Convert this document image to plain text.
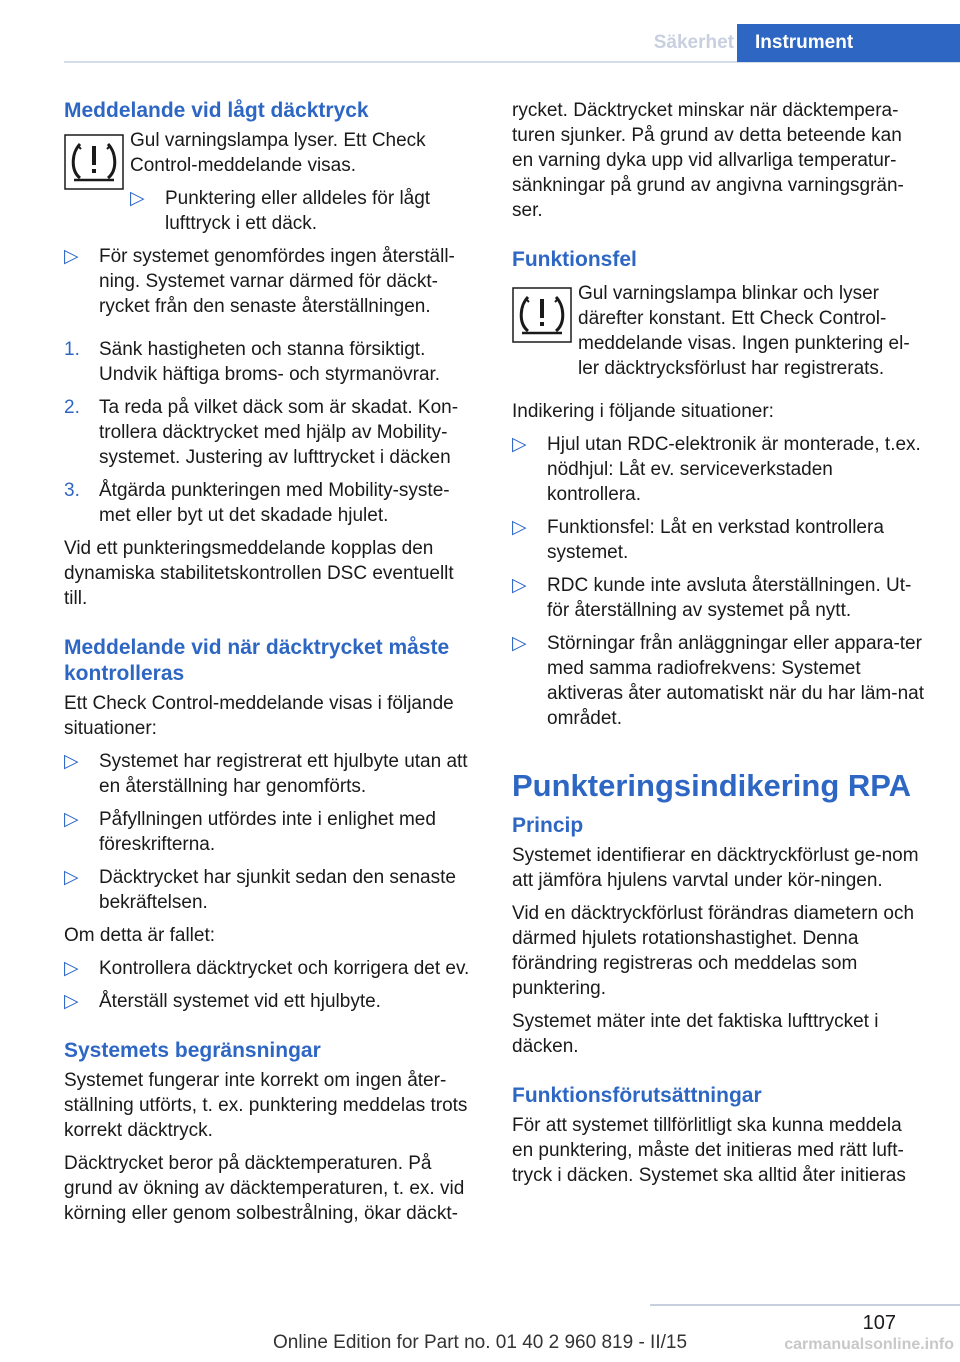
Säkerhet	Instrument
Meddelande vid lågt däcktryck

Gul varningslampa lyser. Ett Check Control-meddelande visas.

▷ Punktering eller alldeles för lågt lufttryck i ett däck.
▷ För systemet genomfördes ingen återställ-ning. Systemet varnar därmed för däckt-rycket från den senaste återställningen.
1. Sänk hastigheten och stanna försiktigt. Undvik häftiga broms- och styrmanövrar.
2. Ta reda på vilket däck som är skadat. Kon-trollera däcktrycket med hjälp av Mobility-systemet. Justering av lufttrycket i däcken
3. Åtgärda punkteringen med Mobility-syste-met eller byt ut det skadade hjulet.

Vid ett punkteringsmeddelande kopplas den dynamiska stabilitetskontrollen DSC eventuellt till.

Meddelande vid när däcktrycket måste kontrolleras

Ett Check Control-meddelande visas i följande situationer:

▷ Systemet har registrerat ett hjulbyte utan att en återställning har genomförts.
▷ Påfyllningen utfördes inte i enlighet med föreskrifterna.
▷ Däcktrycket har sjunkit sedan den senaste bekräftelsen.

Om detta är fallet:

▷ Kontrollera däcktrycket och korrigera det ev.
▷ Återställ systemet vid ett hjulbyte.
Systemets begränsningar

Systemet fungerar inte korrekt om ingen åter-ställning utförts, t. ex. punktering meddelas trots korrekt däcktryck.

Däcktrycket beror på däcktemperaturen. På grund av ökning av däcktemperaturen, t. ex. vid körning eller genom solbestrålning, ökar däckt-

rycket. Däcktrycket minskar när däcktempera-turen sjunker. På grund av detta beteende kan en varning dyka upp vid allvarliga temperatur-sänkningar på grund av angivna varningsgrän-ser.

Funktionsfel

Gul varningslampa blinkar och lyser därefter konstant. Ett Check Control-meddelande visas. Ingen punktering el-ler däcktrycksförlust har registrerats.

Indikering i följande situationer:

▷ Hjul utan RDC-elektronik är monterade, t.ex. nödhjul: Låt ev. serviceverkstaden kontrollera.
▷ Funktionsfel: Låt en verkstad kontrollera systemet.
▷ RDC kunde inte avsluta återställningen. Ut-för återställning av systemet på nytt.
▷ Störningar från anläggningar eller appara-ter med samma radiofrekvens: Systemet aktiveras åter automatiskt när du har läm-nat området.
Punkteringsindikering RPA
Princip

Systemet identifierar en däcktryckförlust ge-nom att jämföra hjulens varvtal under kör-ningen.

Vid en däcktryckförlust förändras diametern och därmed hjulets rotationshastighet. Denna förändring registreras och meddelas som punktering.

Systemet mäter inte det faktiska lufttrycket i däcken.

Funktionsförutsättningar

För att systemet tillförlitligt ska kunna meddela en punktering, måste det initieras med rätt luft-tryck i däcken. Systemet ska alltid åter initieras

107
Online Edition for Part no. 01 40 2 960 819 - II/15	carmanualsonline.info
